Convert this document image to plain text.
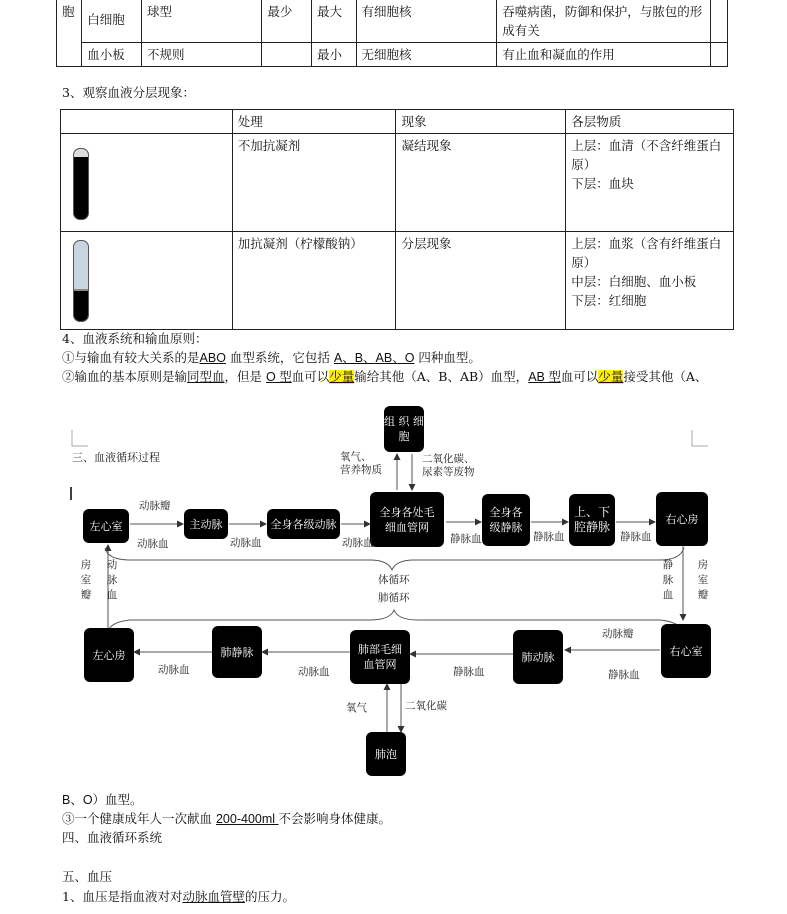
胞	白细胞	球型	最少	最大	有细胞核	吞噬病菌，防御和保护，与脓包的形成有关	
	血小板	不规则		最小	无细胞核	有止血和凝血的作用	
3、观察血液分层现象：
	处理	现象	各层物质

	不加抗凝剂	凝结现象	上层：血清（不含纤维蛋白原）
下层：血块

	加抗凝剂（柠檬酸钠）	分层现象	上层：血浆（含有纤维蛋白原）
中层：白细胞、血小板
下层：红细胞
4、血液系统和输血原则：
①与输血有较大关系的是ABO 血型系统，它包括 A、B、AB、O 四种血型。
②输血的基本原则是输同型血，但是 O 型血可以少量输给其他（A、B、AB）血型，AB 型血可以少量接受其他（A、
三、血液循环过程
组 织 细胞
左心室	主动脉	全身各级动脉
全身各处毛细血管网
全身各级静脉
上、下腔静脉
右心房
左心房	肺静脉	肺部毛细血管网
肺动脉	右心室
肺泡
氧气、
营养物质
二氧化碳、
尿素等废物
动脉瓣
动脉血	动脉血	动脉血	静脉血	静脉血	静脉血
体循环
肺循环
房室瓣
动脉血
静脉血
房室瓣
动脉瓣
静脉血
静脉血
动脉血
动脉血
氧气	二氧化碳
B、O）血型。
③一个健康成年人一次献血 200-400ml 不会影响身体健康。
四、血液循环系统
五、血压
1、血压是指血液对对动脉血管壁的压力。
